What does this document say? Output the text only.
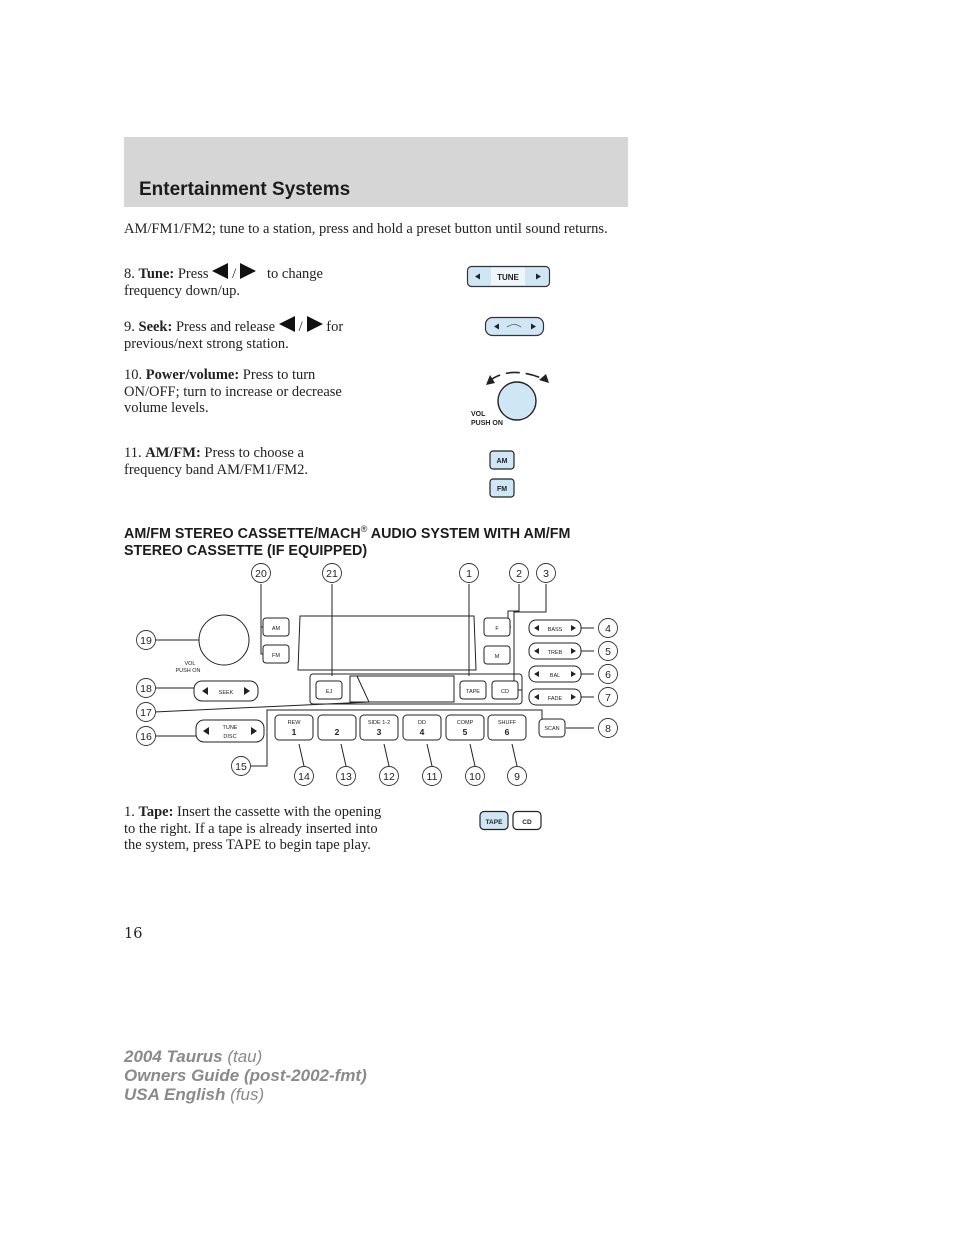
Entertainment Systems

AM/FM1/FM2; tune to a station, press and hold a preset button until sound returns.

8. Tune: Press / to change frequency down/up.

TUNE

9. Seek: Press and release / for previous/next strong station.

10. Power/volume: Press to turn ON/OFF; turn to increase or decrease volume levels.	VOL
PUSH ON

11. AM/FM: Press to choose a frequency band AM/FM1/FM2.	AM
FM
AM/FM STEREO CASSETTE/MACH® AUDIO SYSTEM WITH AM/FM STEREO CASSETTE (IF EQUIPPED)
AM
FM
F
M
BASS
TREB
BAL
FADE
EJ	TAPE	CD
SCAN
SEEK
TUNE
DISC
VOL
PUSH ON
REW	SIDE 1-2	DD	COMP	SHUFF
1	2	3	4	5	6
20	21	1	2 3
4
5
6
7
8
19
18
17
16
15
14	13	12	11	10	9

1. Tape: Insert the cassette with the opening to the right. If a tape is already inserted into the system, press TAPE to begin tape play.

TAPE	CD
16
2004 Taurus (tau)
Owners Guide (post-2002-fmt)
USA English (fus)
